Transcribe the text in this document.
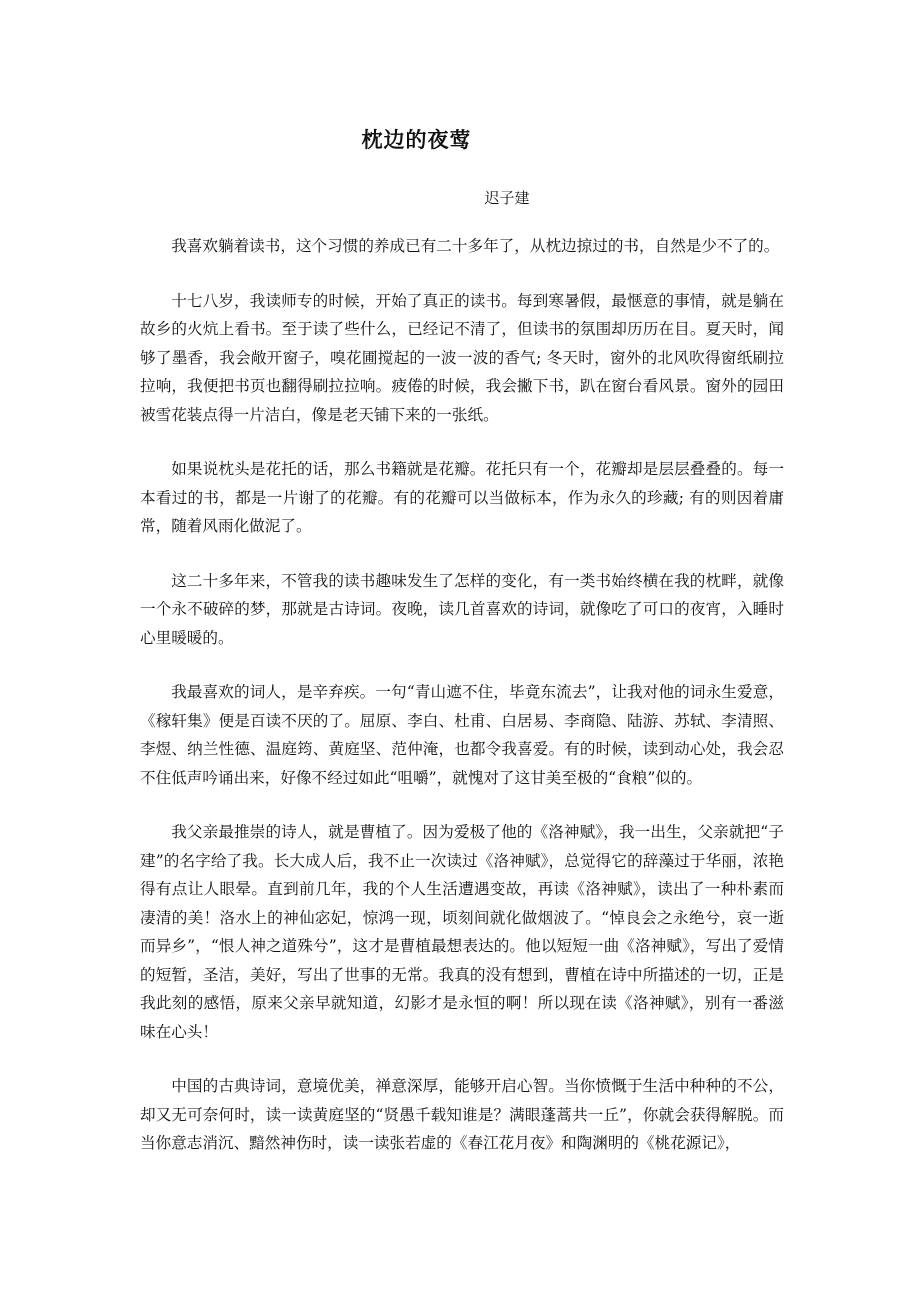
枕边的夜莺

迟子建

我喜欢躺着读书，这个习惯的养成已有二十多年了，从枕边掠过的书，自然是少不了的。

十七八岁，我读师专的时候，开始了真正的读书。每到寒暑假，最惬意的事情，就是躺在故乡的火炕上看书。至于读了些什么，已经记不清了，但读书的氛围却历历在目。夏天时，闻够了墨香，我会敞开窗子，嗅花圃搅起的一波一波的香气; 冬天时，窗外的北风吹得窗纸刷拉拉响，我便把书页也翻得刷拉拉响。疲倦的时候，我会撇下书，趴在窗台看风景。窗外的园田被雪花装点得一片洁白，像是老天铺下来的一张纸。

如果说枕头是花托的话，那么书籍就是花瓣。花托只有一个，花瓣却是层层叠叠的。每一本看过的书，都是一片谢了的花瓣。有的花瓣可以当做标本，作为永久的珍藏; 有的则因着庸常，随着风雨化做泥了。

这二十多年来，不管我的读书趣味发生了怎样的变化，有一类书始终横在我的枕畔，就像一个永不破碎的梦，那就是古诗词。夜晚，读几首喜欢的诗词，就像吃了可口的夜宵，入睡时心里暖暖的。

我最喜欢的词人，是辛弃疾。一句“青山遮不住，毕竟东流去”，让我对他的词永生爱意，《稼轩集》便是百读不厌的了。屈原、李白、杜甫、白居易、李商隐、陆游、苏轼、李清照、李煜、纳兰性德、温庭筠、黄庭坚、范仲淹，也都令我喜爱。有的时候，读到动心处，我会忍不住低声吟诵出来，好像不经过如此“咀嚼”，就愧对了这甘美至极的“食粮”似的。

我父亲最推崇的诗人，就是曹植了。因为爱极了他的《洛神赋》，我一出生，父亲就把“子建”的名字给了我。长大成人后，我不止一次读过《洛神赋》，总觉得它的辞藻过于华丽，浓艳得有点让人眼晕。直到前几年，我的个人生活遭遇变故，再读《洛神赋》，读出了一种朴素而凄清的美！洛水上的神仙宓妃，惊鸿一现，顷刻间就化做烟波了。“悼良会之永绝兮，哀一逝而异乡”，“恨人神之道殊兮”，这才是曹植最想表达的。他以短短一曲《洛神赋》，写出了爱情的短暂，圣洁，美好，写出了世事的无常。我真的没有想到，曹植在诗中所描述的一切，正是我此刻的感悟，原来父亲早就知道，幻影才是永恒的啊！所以现在读《洛神赋》，别有一番滋味在心头！

中国的古典诗词，意境优美，禅意深厚，能够开启心智。当你愤慨于生活中种种的不公，却又无可奈何时，读一读黄庭坚的“贤愚千载知谁是？满眼蓬蒿共一丘”，你就会获得解脱。而当你意志消沉、黯然神伤时，读一读张若虚的《春江花月夜》和陶渊明的《桃花源记》，
